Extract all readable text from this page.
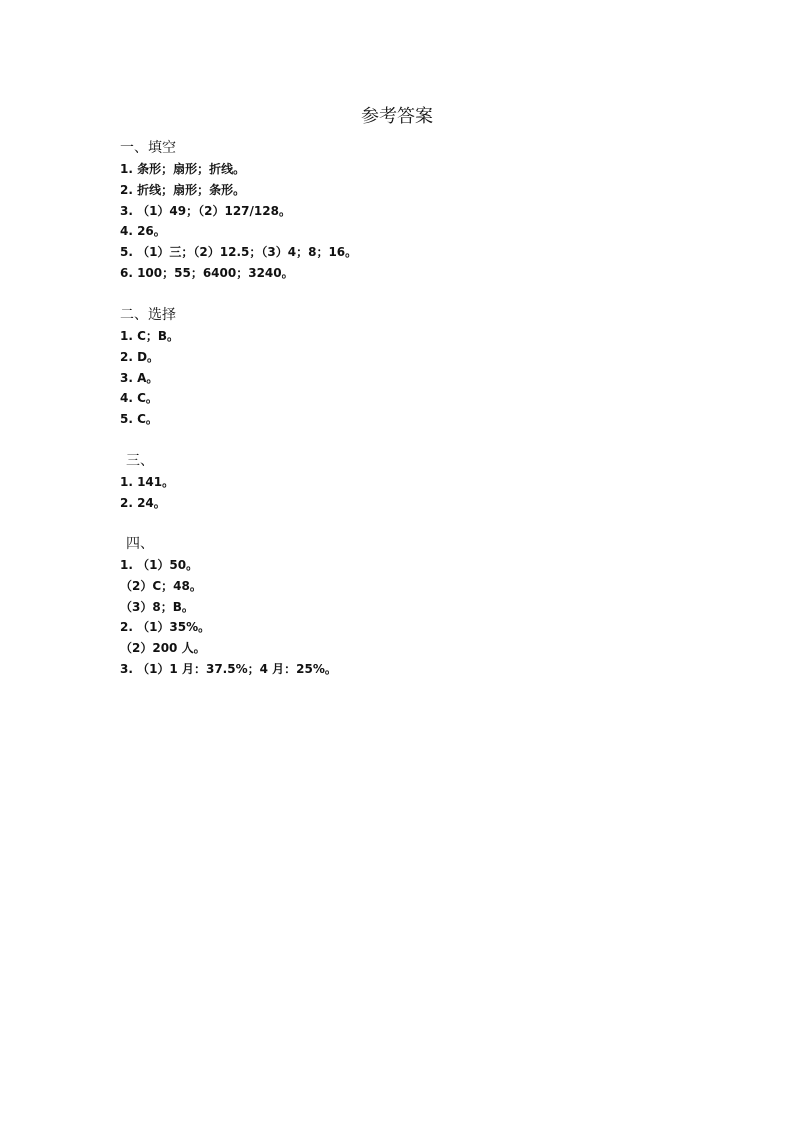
参考答案

一、填空

1. 条形；扇形；折线。

2. 折线；扇形；条形。

3. （1）49；（2）127/128。

4. 26。

5. （1）三；（2）12.5；（3）4；8；16。

6. 100；55；6400；3240。

二、选择

1. C；B。

2. D。

3. A。

4. C。

5. C。

三、

1. 141。

2. 24。

四、

1. （1）50。

（2）C；48。

（3）8；B。

2. （1）35%。

（2）200 人。

3. （1）1 月：37.5%；4 月：25%。
